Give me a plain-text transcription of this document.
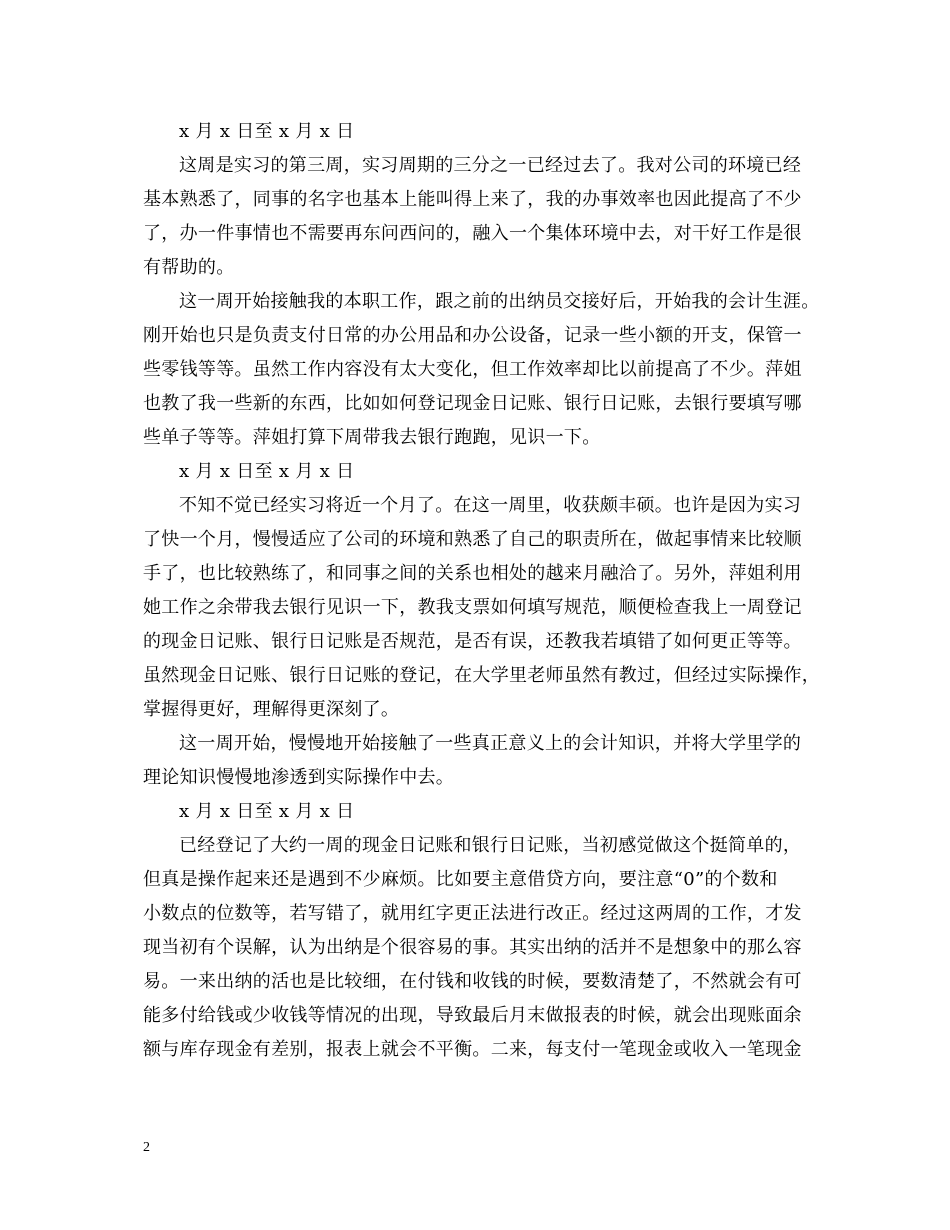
x 月 x 日至 x 月 x 日
这周是实习的第三周，实习周期的三分之一已经过去了。我对公司的环境已经
基本熟悉了，同事的名字也基本上能叫得上来了，我的办事效率也因此提高了不少
了，办一件事情也不需要再东问西问的，融入一个集体环境中去，对干好工作是很
有帮助的。
这一周开始接触我的本职工作，跟之前的出纳员交接好后，开始我的会计生涯。
刚开始也只是负责支付日常的办公用品和办公设备，记录一些小额的开支，保管一
些零钱等等。虽然工作内容没有太大变化，但工作效率却比以前提高了不少。萍姐
也教了我一些新的东西，比如如何登记现金日记账、银行日记账，去银行要填写哪
些单子等等。萍姐打算下周带我去银行跑跑，见识一下。
x 月 x 日至 x 月 x 日
不知不觉已经实习将近一个月了。在这一周里，收获颇丰硕。也许是因为实习
了快一个月，慢慢适应了公司的环境和熟悉了自己的职责所在，做起事情来比较顺
手了，也比较熟练了，和同事之间的关系也相处的越来月融洽了。另外，萍姐利用
她工作之余带我去银行见识一下，教我支票如何填写规范，顺便检查我上一周登记
的现金日记账、银行日记账是否规范，是否有误，还教我若填错了如何更正等等。
虽然现金日记账、银行日记账的登记，在大学里老师虽然有教过，但经过实际操作，
掌握得更好，理解得更深刻了。
这一周开始，慢慢地开始接触了一些真正意义上的会计知识，并将大学里学的
理论知识慢慢地渗透到实际操作中去。
x 月 x 日至 x 月 x 日
已经登记了大约一周的现金日记账和银行日记账，当初感觉做这个挺简单的，
但真是操作起来还是遇到不少麻烦。比如要主意借贷方向，要注意“0”的个数和
小数点的位数等，若写错了，就用红字更正法进行改正。经过这两周的工作，才发
现当初有个误解，认为出纳是个很容易的事。其实出纳的活并不是想象中的那么容
易。一来出纳的活也是比较细，在付钱和收钱的时候，要数清楚了，不然就会有可
能多付给钱或少收钱等情况的出现，导致最后月末做报表的时候，就会出现账面余
额与库存现金有差别，报表上就会不平衡。二来，每支付一笔现金或收入一笔现金
2
